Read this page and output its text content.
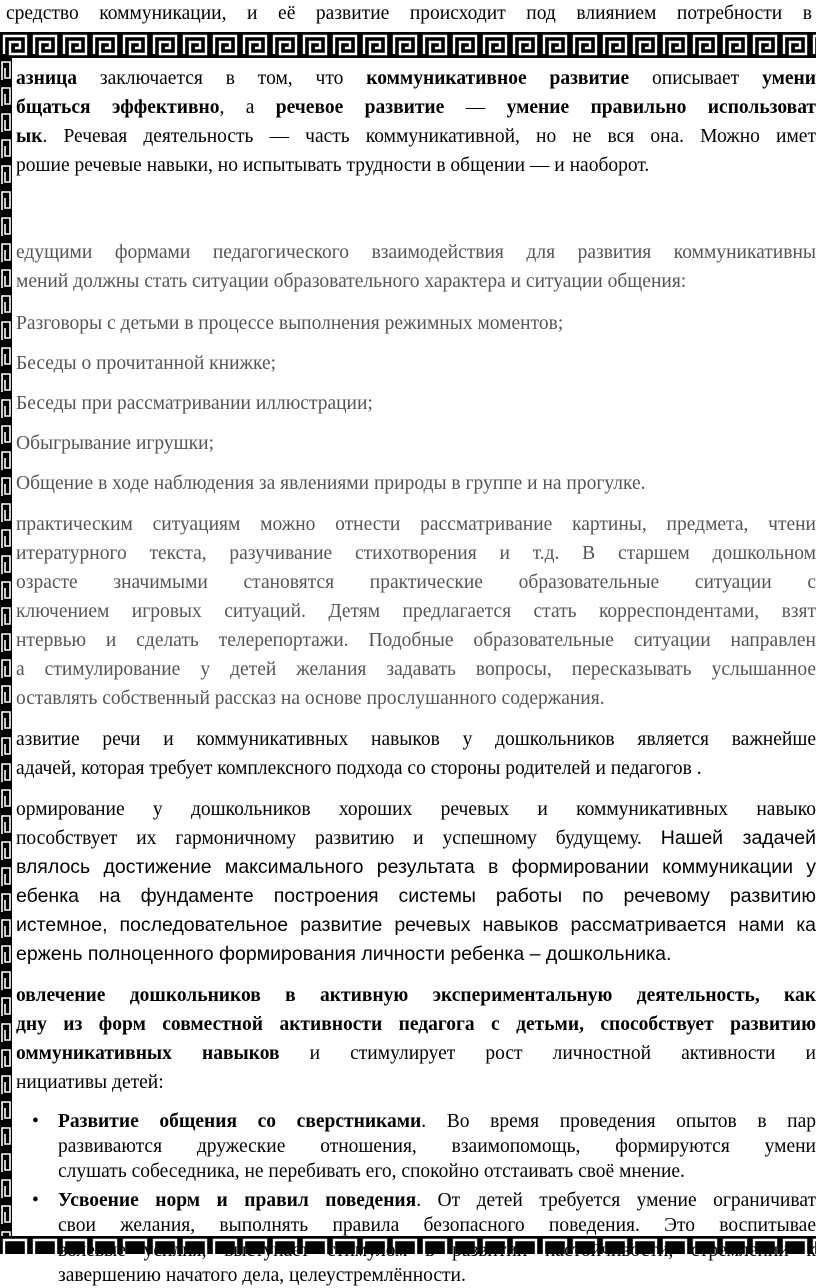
средство коммуникации, и её развитие происходит под влиянием потребности в

азница заключается в том, что коммуникативное развитие описывает умени

бщаться эффективно, а речевое развитие — умение правильно использоват

ык. Речевая деятельность — часть коммуникативной, но не вся она. Можно имет

рошие речевые навыки, но испытывать трудности в общении — и наоборот.

едущими формами педагогического взаимодействия для развития коммуникативны

мений должны стать ситуации образовательного характера и ситуации общения:

Разговоры с детьми в процессе выполнения режимных моментов;

Беседы о прочитанной книжке;

Беседы при рассматривании иллюстрации;

Обыгрывание игрушки;

Общение в ходе наблюдения за явлениями природы в группе и на прогулке.

практическим ситуациям можно отнести рассматривание картины, предмета, чтени

итературного текста, разучивание стихотворения и т.д. В старшем дошкольном

озрасте значимыми становятся практические образовательные ситуации с

ключением игровых ситуаций. Детям предлагается стать корреспондентами, взят

нтервью и сделать телерепортажи. Подобные образовательные ситуации направлен

а стимулирование у детей желания задавать вопросы, пересказывать услышанное

оставлять собственный рассказ на основе прослушанного содержания.

азвитие речи и коммуникативных навыков у дошкольников является важнейше

адачей, которая требует комплексного подхода со стороны родителей и педагогов .

ормирование у дошкольников хороших речевых и коммуникативных навыко

пособствует их гармоничному развитию и успешному будущему. Нашей задачей

влялось достижение максимального результата в формировании коммуникации у

ебенка на фундаменте построения системы работы по речевому развитию

истемное, последовательное развитие речевых навыков рассматривается нами ка

ержень полноценного формирования личности ребенка – дошкольника.

овлечение дошкольников в активную экспериментальную деятельность, как

дну из форм совместной активности педагога с детьми, способствует развитию

оммуникативных навыков и стимулирует рост личностной активности и

нициативы детей:

• Развитие общения со сверстниками. Во время проведения опытов в пар
развиваются дружеские отношения, взаимопомощь, формируются умени
слушать собеседника, не перебивать его, спокойно отстаивать своё мнение.
• Усвоение норм и правил поведения. От детей требуется умение ограничиват
свои желания, выполнять правила безопасного поведения. Это воспитывае
волевые усилия, выступает стимулом в развитии настойчивости, стремлении к
завершению начатого дела, целеустремлённости.
